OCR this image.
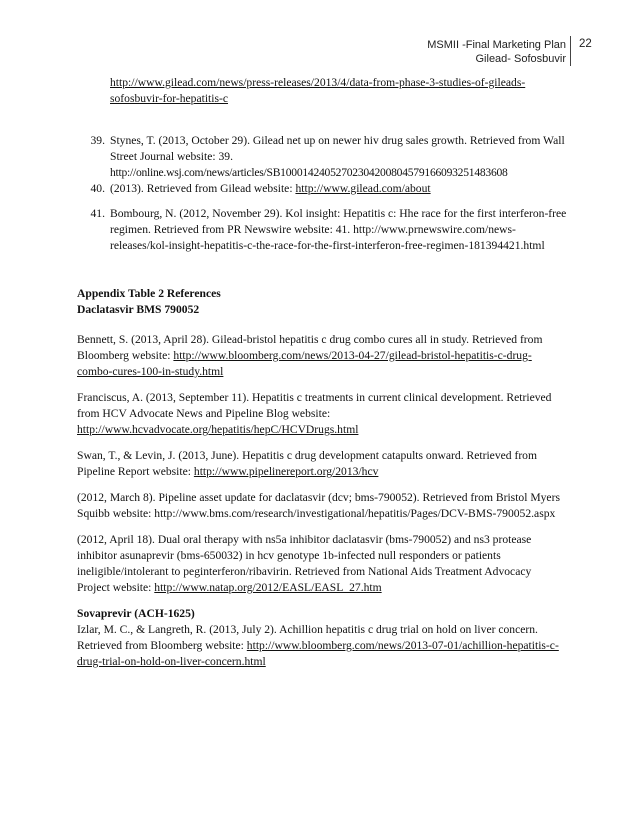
MSMII -Final Marketing Plan
Gilead- Sofosbuvir
22

http://www.gilead.com/news/press-releases/2013/4/data-from-phase-3-studies-of-gileads-sofosbuvir-for-hepatitis-c

39. Stynes, T. (2013, October 29). Gilead net up on newer hiv drug sales growth. Retrieved from Wall Street Journal website: 39.

http://online.wsj.com/news/articles/SB10001424052702304200804579166093251483608

40. (2013). Retrieved from Gilead website: http://www.gilead.com/about

41. Bombourg, N. (2012, November 29). Kol insight: Hepatitis c: Hhe race for the first interferon-free regimen. Retrieved from PR Newswire website: 41. http://www.prnewswire.com/news-releases/kol-insight-hepatitis-c-the-race-for-the-first-interferon-free-regimen-181394421.html

Appendix Table 2 References

Daclatasvir BMS 790052

Bennett, S. (2013, April 28). Gilead-bristol hepatitis c drug combo cures all in study. Retrieved from Bloomberg website: http://www.bloomberg.com/news/2013-04-27/gilead-bristol-hepatitis-c-drug-combo-cures-100-in-study.html

Franciscus, A. (2013, September 11). Hepatitis c treatments in current clinical development. Retrieved from HCV Advocate News and Pipeline Blog website: http://www.hcvadvocate.org/hepatitis/hepC/HCVDrugs.html

Swan, T., & Levin, J. (2013, June). Hepatitis c drug development catapults onward. Retrieved from Pipeline Report website: http://www.pipelinereport.org/2013/hcv

(2012, March 8). Pipeline asset update for daclatasvir (dcv; bms-790052). Retrieved from Bristol Myers Squibb website: http://www.bms.com/research/investigational/hepatitis/Pages/DCV-BMS-790052.aspx

(2012, April 18). Dual oral therapy with ns5a inhibitor daclatasvir (bms-790052) and ns3 protease inhibitor asunaprevir (bms-650032) in hcv genotype 1b-infected null responders or patients ineligible/intolerant to peginterferon/ribavirin. Retrieved from National Aids Treatment Advocacy Project website: http://www.natap.org/2012/EASL/EASL_27.htm

Sovaprevir (ACH-1625)

Izlar, M. C., & Langreth, R. (2013, July 2). Achillion hepatitis c drug trial on hold on liver concern. Retrieved from Bloomberg website: http://www.bloomberg.com/news/2013-07-01/achillion-hepatitis-c-drug-trial-on-hold-on-liver-concern.html
